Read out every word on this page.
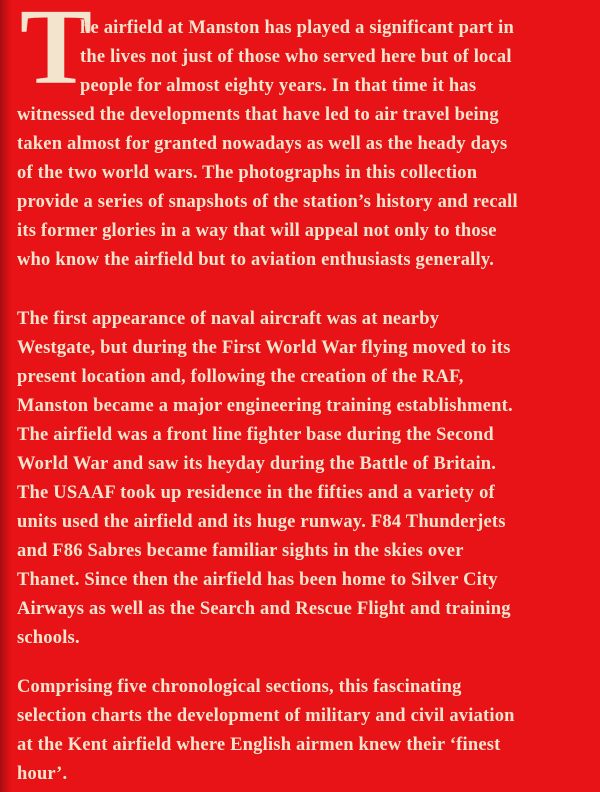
T
he airfield at Manston has played a significant part in
the lives not just of those who served here but of local
people for almost eighty years. In that time it has
witnessed the developments that have led to air travel being
taken almost for granted nowadays as well as the heady days
of the two world wars. The photographs in this collection
provide a series of snapshots of the station’s history and recall
its former glories in a way that will appeal not only to those
who know the airfield but to aviation enthusiasts generally.
The first appearance of naval aircraft was at nearby
Westgate, but during the First World War flying moved to its
present location and, following the creation of the RAF,
Manston became a major engineering training establishment.
The airfield was a front line fighter base during the Second
World War and saw its heyday during the Battle of Britain.
The USAAF took up residence in the fifties and a variety of
units used the airfield and its huge runway. F84 Thunderjets
and F86 Sabres became familiar sights in the skies over
Thanet. Since then the airfield has been home to Silver City
Airways as well as the Search and Rescue Flight and training
schools.
Comprising five chronological sections, this fascinating
selection charts the development of military and civil aviation
at the Kent airfield where English airmen knew their ‘finest
hour’.
